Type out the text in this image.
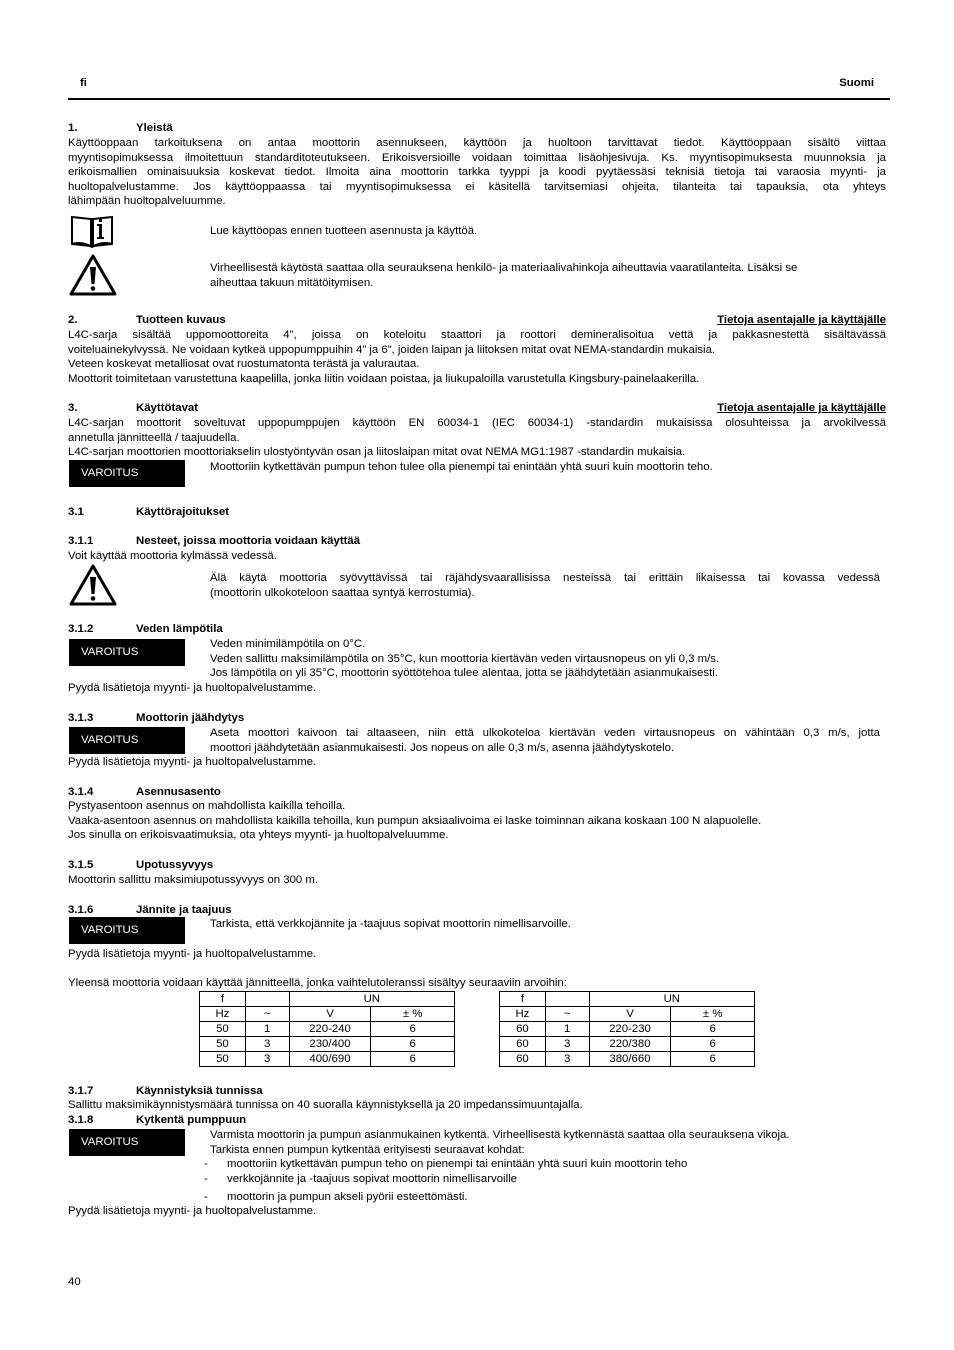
fi	Suomi
1.	Yleistä
Käyttöoppaan tarkoituksena on antaa moottorin asennukseen, käyttöön ja huoltoon tarvittavat tiedot. Käyttöoppaan sisältö viittaa
myyntisopimuksessa ilmoitettuun standarditoteutukseen. Erikoisversioille voidaan toimittaa lisäohjesivuja. Ks. myyntisopimuksesta muunnoksia ja
erikoismallien ominaisuuksia koskevat tiedot. Ilmoita aina moottorin tarkka tyyppi ja koodi pyytäessäsi teknisiä tietoja tai varaosia myynti- ja
huoltopalvelustamme. Jos käyttöoppaassa tai myyntisopimuksessa ei käsitellä tarvitsemiasi ohjeita, tilanteita tai tapauksia, ota yhteys
lähimpään huoltopalveluumme.
Lue käyttöopas ennen tuotteen asennusta ja käyttöä.
Virheellisestä käytöstä saattaa olla seurauksena henkilö- ja materiaalivahinkoja aiheuttavia vaaratilanteita. Lisäksi se
aiheuttaa takuun mitätöitymisen.
2.	Tuotteen kuvaus	Tietoja asentajalle ja käyttäjälle
L4C-sarja sisältää uppomoottoreita 4", joissa on koteloitu staattori ja roottori demineralisoitua vettä ja pakkasnestettä sisältävässä
voiteluainekylvyssä. Ne voidaan kytkeä uppopumppuihin 4” ja 6”, joiden laipan ja liitoksen mitat ovat NEMA-standardin mukaisia.
Veteen koskevat metalliosat ovat ruostumatonta terästä ja valurautaa.
Moottorit toimitetaan varustettuna kaapelilla, jonka liitin voidaan poistaa, ja liukupaloilla varustetulla Kingsbury-painelaakerilla.
3.	Käyttötavat	Tietoja asentajalle ja käyttäjälle
L4C-sarjan moottorit soveltuvat uppopumppujen käyttöön EN 60034-1 (IEC 60034-1) -standardin mukaisissa olosuhteissa ja arvokilvessä
annetulla jännitteellä / taajuudella.
L4C-sarjan moottorien moottoriakselin ulostyöntyvän osan ja liitoslaipan mitat ovat NEMA MG1:1987 -standardin mukaisia.
VAROITUS	Moottoriin kytkettävän pumpun tehon tulee olla pienempi tai enintään yhtä suuri kuin moottorin teho.
3.1	Käyttörajoitukset
3.1.1	Nesteet, joissa moottoria voidaan käyttää
Voit käyttää moottoria kylmässä vedessä.
Älä käytä moottoria syövyttävissä tai räjähdysvaarallisissa nesteissä tai erittäin likaisessa tai kovassa vedessä
(moottorin ulkokoteloon saattaa syntyä kerrostumia).
3.1.2	Veden lämpötila
VAROITUS
Veden minimilämpötila on 0°C.
Veden sallittu maksimilämpötila on 35°C, kun moottoria kiertävän veden virtausnopeus on yli 0,3 m/s.
Jos lämpötila on yli 35°C, moottorin syöttötehoa tulee alentaa, jotta se jäähdytetään asianmukaisesti.
Pyydä lisätietoja myynti- ja huoltopalvelustamme.
3.1.3	Moottorin jäähdytys
VAROITUS
Aseta moottori kaivoon tai altaaseen, niin että ulkokoteloa kiertävän veden virtausnopeus on vähintään 0,3 m/s, jotta
moottori jäähdytetään asianmukaisesti. Jos nopeus on alle 0,3 m/s, asenna jäähdytyskotelo.
Pyydä lisätietoja myynti- ja huoltopalvelustamme.
3.1.4	Asennusasento
Pystyasentoon asennus on mahdollista kaikilla tehoilla.
Vaaka-asentoon asennus on mahdollista kaikilla tehoilla, kun pumpun aksiaalivoima ei laske toiminnan aikana koskaan 100 N alapuolelle.
Jos sinulla on erikoisvaatimuksia, ota yhteys myynti- ja huoltopalveluumme.
3.1.5	Upotussyvyys
Moottorin sallittu maksimiupotussyvyys on 300 m.
3.1.6	Jännite ja taajuus
VAROITUS	Tarkista, että verkkojännite ja -taajuus sopivat moottorin nimellisarvoille.
Pyydä lisätietoja myynti- ja huoltopalvelustamme.
Yleensä moottoria voidaan käyttää jännitteellä, jonka vaihtelutoleranssi sisältyy seuraaviin arvoihin:
f		UN	
Hz	~	V	± %
50	1	220-240	6
50	3	230/400	6
50	3	400/690	6
f		UN	
Hz	~	V	± %
60	1	220-230	6
60	3	220/380	6
60	3	380/660	6
3.1.7	Käynnistyksiä tunnissa
Sallittu maksimikäynnistysmäärä tunnissa on 40 suoralla käynnistyksellä ja 20 impedanssimuuntajalla.
3.1.8	Kytkentä pumppuun
VAROITUS
Varmista moottorin ja pumpun asianmukainen kytkentä. Virheellisestä kytkennästä saattaa olla seurauksena vikoja.
Tarkista ennen pumpun kytkentää erityisesti seuraavat kohdat:
- moottoriin kytkettävän pumpun teho on pienempi tai enintään yhtä suuri kuin moottorin teho
- verkkojännite ja -taajuus sopivat moottorin nimellisarvoille
- moottorin ja pumpun akseli pyörii esteettömästi.
Pyydä lisätietoja myynti- ja huoltopalvelustamme.
40
